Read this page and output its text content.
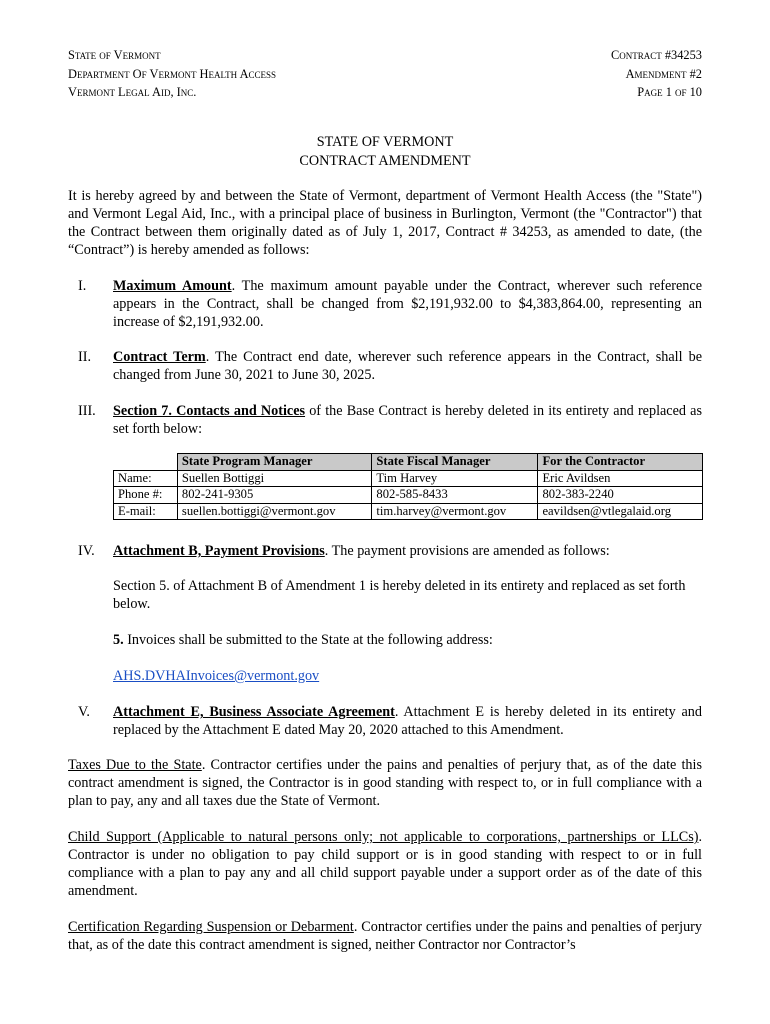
State of Vermont
Department Of Vermont Health Access
Vermont Legal Aid, Inc.
Contract #34253
Amendment #2
Page 1 of 10
STATE OF VERMONT
CONTRACT AMENDMENT
It is hereby agreed by and between the State of Vermont, department of Vermont Health Access (the "State") and Vermont Legal Aid, Inc., with a principal place of business in Burlington, Vermont (the "Contractor") that the Contract between them originally dated as of July 1, 2017, Contract # 34253, as amended to date, (the “Contract”) is hereby amended as follows:
I. Maximum Amount. The maximum amount payable under the Contract, wherever such reference appears in the Contract, shall be changed from $2,191,932.00 to $4,383,864.00, representing an increase of $2,191,932.00.
II. Contract Term. The Contract end date, wherever such reference appears in the Contract, shall be changed from June 30, 2021 to June 30, 2025.
III. Section 7. Contacts and Notices of the Base Contract is hereby deleted in its entirety and replaced as set forth below:
	State Program Manager	State Fiscal Manager	For the Contractor
Name:	Suellen Bottiggi	Tim Harvey	Eric Avildsen
Phone #:	802-241-9305	802-585-8433	802-383-2240
E-mail:	suellen.bottiggi@vermont.gov	tim.harvey@vermont.gov	eavildsen@vtlegalaid.org
IV. Attachment B, Payment Provisions. The payment provisions are amended as follows:
Section 5. of Attachment B of Amendment 1 is hereby deleted in its entirety and replaced as set forth below.
5. Invoices shall be submitted to the State at the following address:
AHS.DVHAInvoices@vermont.gov
V. Attachment E, Business Associate Agreement. Attachment E is hereby deleted in its entirety and replaced by the Attachment E dated May 20, 2020 attached to this Amendment.
Taxes Due to the State. Contractor certifies under the pains and penalties of perjury that, as of the date this contract amendment is signed, the Contractor is in good standing with respect to, or in full compliance with a plan to pay, any and all taxes due the State of Vermont.
Child Support (Applicable to natural persons only; not applicable to corporations, partnerships or LLCs). Contractor is under no obligation to pay child support or is in good standing with respect to or in full compliance with a plan to pay any and all child support payable under a support order as of the date of this amendment.
Certification Regarding Suspension or Debarment. Contractor certifies under the pains and penalties of perjury that, as of the date this contract amendment is signed, neither Contractor nor Contractor’s
